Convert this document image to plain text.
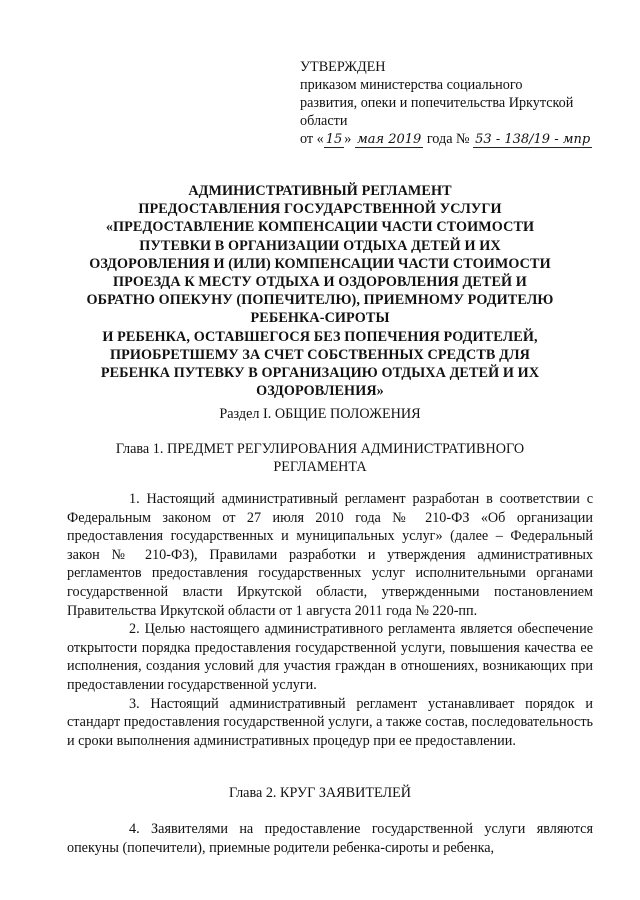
УТВЕРЖДЕН
приказом министерства социального
развития, опеки и попечительства Иркутской
области
от « 15 » мая 2019 года № 53 - 138/19 - мпр
АДМИНИСТРАТИВНЫЙ РЕГЛАМЕНТ
ПРЕДОСТАВЛЕНИЯ ГОСУДАРСТВЕННОЙ УСЛУГИ
«ПРЕДОСТАВЛЕНИЕ КОМПЕНСАЦИИ ЧАСТИ СТОИМОСТИ
ПУТЕВКИ В ОРГАНИЗАЦИИ ОТДЫХА ДЕТЕЙ И ИХ
ОЗДОРОВЛЕНИЯ И (ИЛИ) КОМПЕНСАЦИИ ЧАСТИ СТОИМОСТИ
ПРОЕЗДА К МЕСТУ ОТДЫХА И ОЗДОРОВЛЕНИЯ ДЕТЕЙ И
ОБРАТНО ОПЕКУНУ (ПОПЕЧИТЕЛЮ), ПРИЕМНОМУ РОДИТЕЛЮ
РЕБЕНКА-СИРОТЫ
И РЕБЕНКА, ОСТАВШЕГОСЯ БЕЗ ПОПЕЧЕНИЯ РОДИТЕЛЕЙ,
ПРИОБРЕТШЕМУ ЗА СЧЕТ СОБСТВЕННЫХ СРЕДСТВ ДЛЯ
РЕБЕНКА ПУТЕВКУ В ОРГАНИЗАЦИЮ ОТДЫХА ДЕТЕЙ И ИХ
ОЗДОРОВЛЕНИЯ»
Раздел I. ОБЩИЕ ПОЛОЖЕНИЯ
Глава 1. ПРЕДМЕТ РЕГУЛИРОВАНИЯ АДМИНИСТРАТИВНОГО
РЕГЛАМЕНТА

1. Настоящий административный регламент разработан в соответствии с Федеральным законом от 27 июля 2010 года № 210-ФЗ «Об организации предоставления государственных и муниципальных услуг» (далее – Федеральный закон № 210-ФЗ), Правилами разработки и утверждения административных регламентов предоставления государственных услуг исполнительными органами государственной власти Иркутской области, утвержденными постановлением Правительства Иркутской области от 1 августа 2011 года № 220-пп.

2. Целью настоящего административного регламента является обеспечение открытости порядка предоставления государственной услуги, повышения качества ее исполнения, создания условий для участия граждан в отношениях, возникающих при предоставлении государственной услуги.

3. Настоящий административный регламент устанавливает порядок и стандарт предоставления государственной услуги, а также состав, последовательность и сроки выполнения административных процедур при ее предоставлении.

Глава 2. КРУГ ЗАЯВИТЕЛЕЙ

4. Заявителями на предоставление государственной услуги являются опекуны (попечители), приемные родители ребенка-сироты и ребенка,
